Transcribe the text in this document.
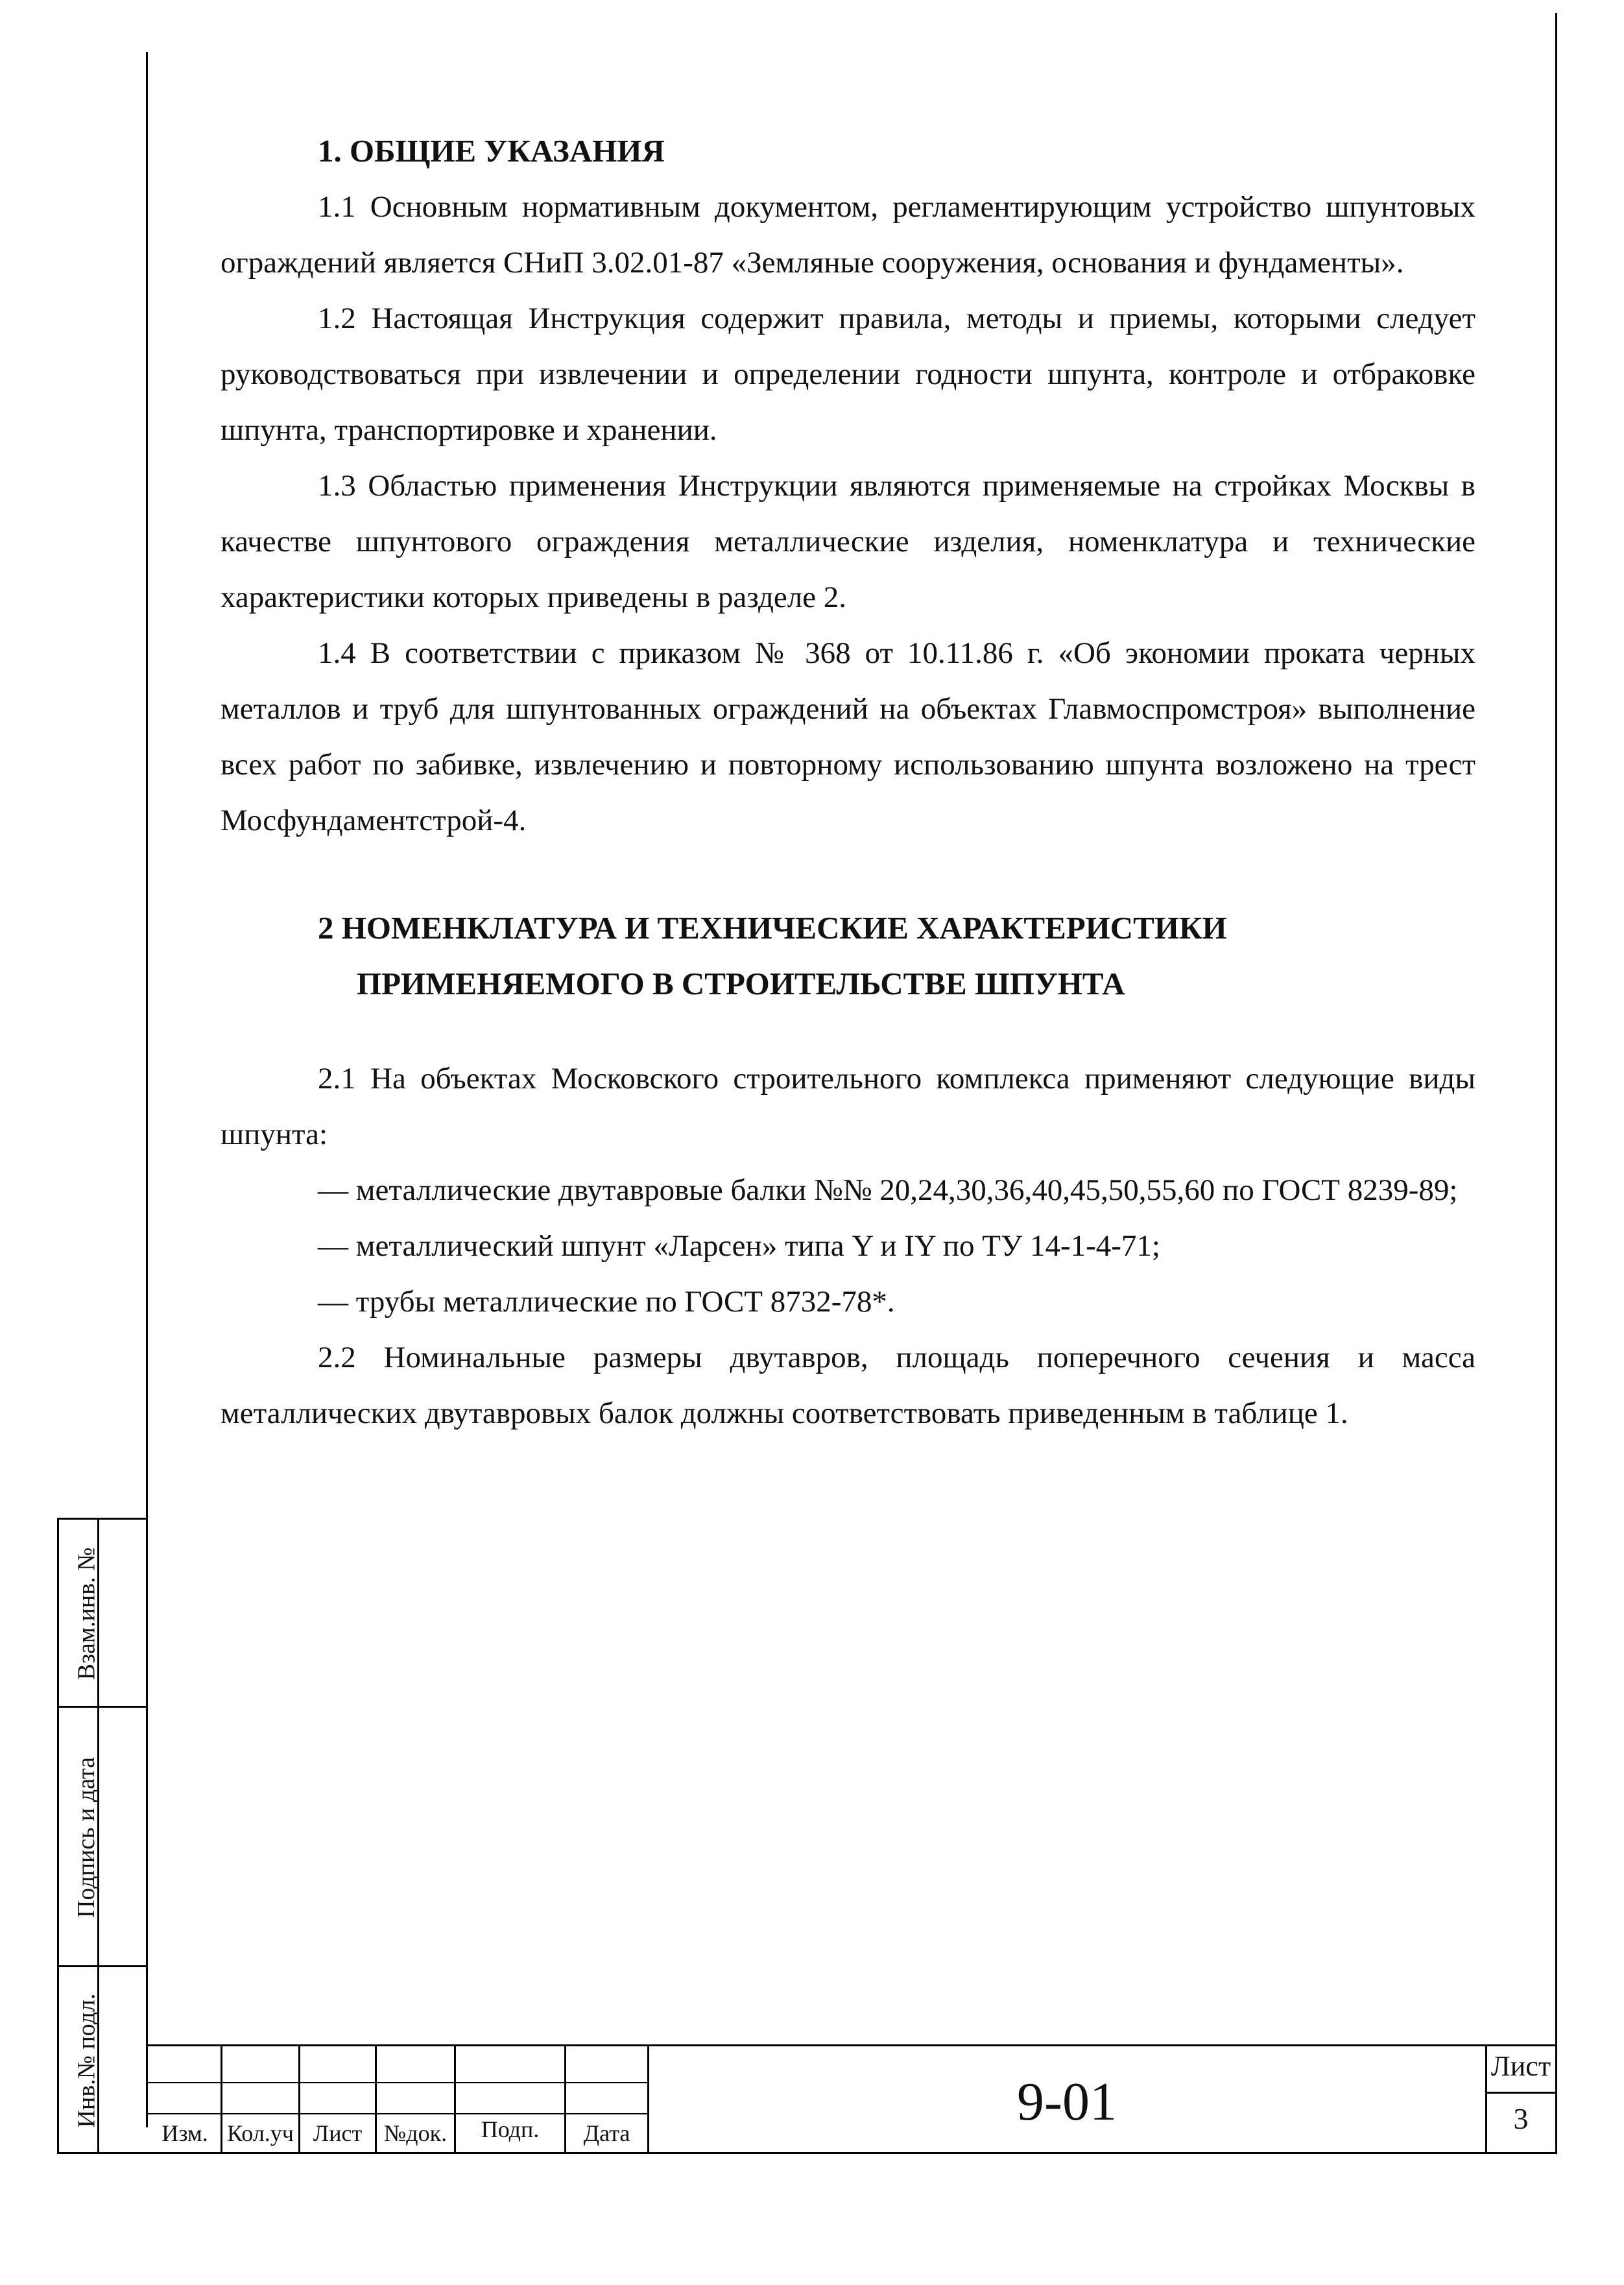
1. ОБЩИЕ УКАЗАНИЯ

1.1 Основным нормативным документом, регламентирующим устройство шпунтовых ограждений является СНиП 3.02.01-87 «Земляные сооружения, основания и фундаменты».

1.2 Настоящая Инструкция содержит правила, методы и приемы, которыми следует руководствоваться при извлечении и определении годности шпунта, контроле и отбраковке шпунта, транспортировке и хранении.

1.3 Областью применения Инструкции являются применяемые на стройках Москвы в качестве шпунтового ограждения металлические изделия, номенклатура и технические характеристики которых приведены в разделе 2.

1.4 В соответствии с приказом № 368 от 10.11.86 г. «Об экономии проката черных металлов и труб для шпунтованных ограждений на объектах Главмоспромстроя» выполнение всех работ по забивке, извлечению и повторному использованию шпунта возложено на трест Мосфундаментстрой-4.

2 НОМЕНКЛАТУРА И ТЕХНИЧЕСКИЕ ХАРАКТЕРИСТИКИ
ПРИМЕНЯЕМОГО В СТРОИТЕЛЬСТВЕ ШПУНТА

2.1 На объектах Московского строительного комплекса применяют следующие виды шпунта:

— металлические двутавровые балки №№ 20,24,30,36,40,45,50,55,60 по ГОСТ 8239-89;

— металлический шпунт «Ларсен» типа Y и IY по ТУ 14-1-4-71;

— трубы металлические по ГОСТ 8732-78*.

2.2 Номинальные размеры двутавров, площадь поперечного сечения и масса металлических двутавровых балок должны соответствовать приведенным в таблице 1.

Взам.инв. №
Подпись и дата
Инв.№ подл.
Изм. Кол.уч Лист №док.	Подп.	Дата
9-01
Лист
3
